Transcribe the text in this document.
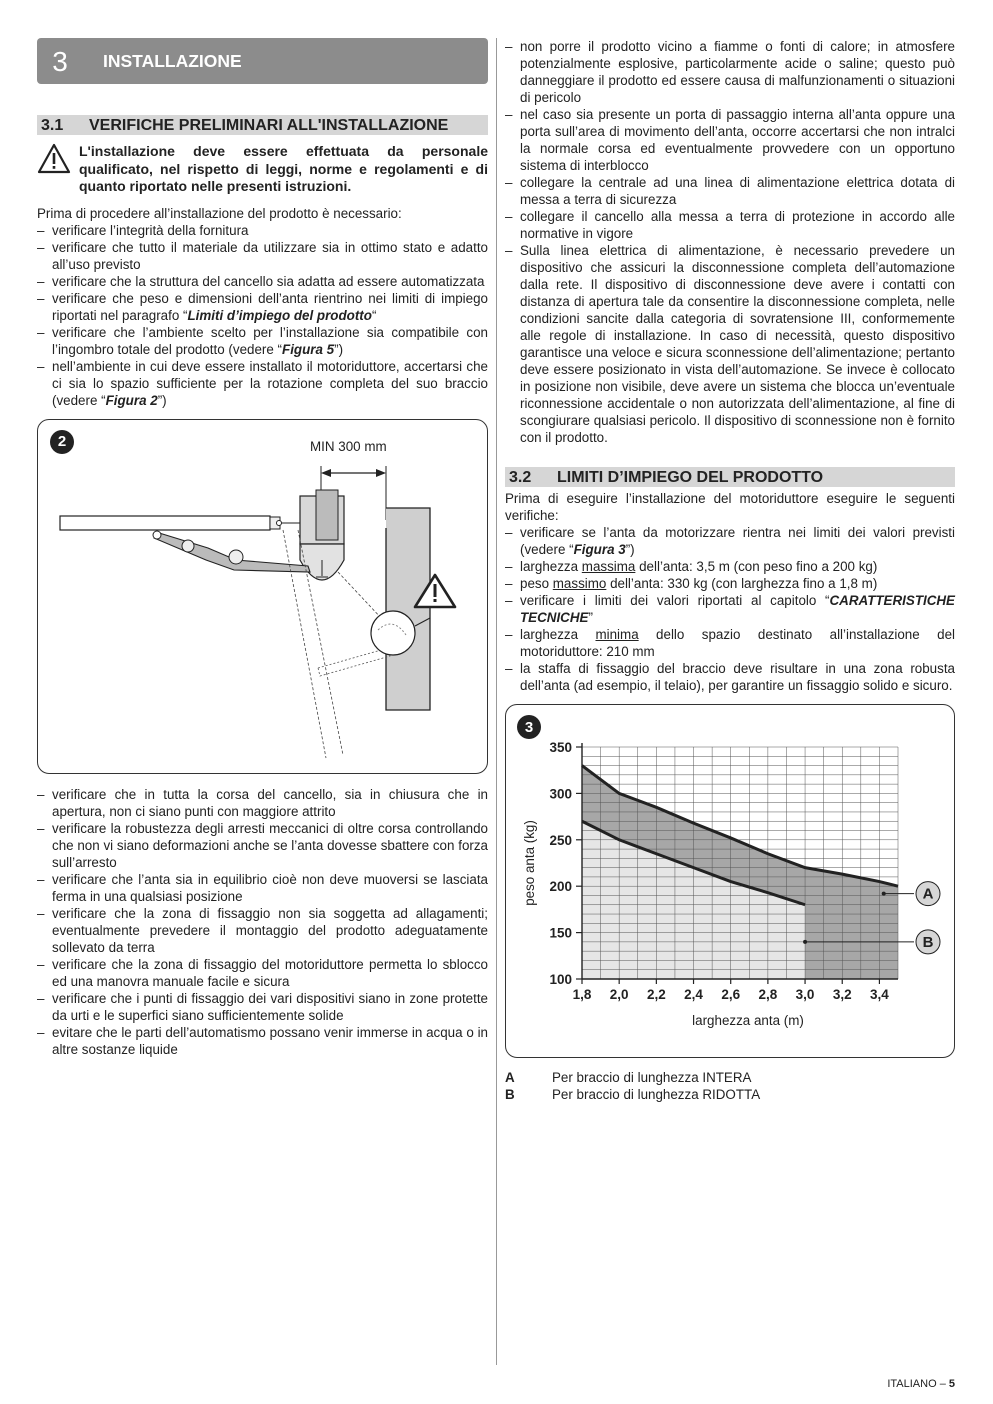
3	INSTALLAZIONE
3.1	VERIFICHE PRELIMINARI ALL'INSTALLAZIONE
L'installazione deve essere effettuata da personale qualificato, nel rispetto di leggi, norme e regolamenti e di quanto riportato nelle presenti istruzioni.

Prima di procedere all’installazione del prodotto è necessario:

– verificare l’integrità della fornitura
– verificare che tutto il materiale da utilizzare sia in ottimo stato e adatto all’uso previsto
– verificare che la struttura del cancello sia adatta ad essere automatizzata
– verificare che peso e dimensioni dell’anta rientrino nei limiti di impiego riportati nel paragrafo “Limiti d’impiego del prodotto“
– verificare che l’ambiente scelto per l’installazione sia compatibile con l’ingombro totale del prodotto (vedere “Figura 5”)
– nell’ambiente in cui deve essere installato il motoriduttore, accertarsi che ci sia lo spazio sufficiente per la rotazione completa del suo braccio (vedere “Figura 2”)
2	MIN 300 mm
– verificare che in tutta la corsa del cancello, sia in chiusura che in apertura, non ci siano punti con maggiore attrito
– verificare la robustezza degli arresti meccanici di oltre corsa controllando che non vi siano deformazioni anche se l’anta dovesse sbattere con forza sull’arresto
– verificare che l’anta sia in equilibrio cioè non deve muoversi se lasciata ferma in una qualsiasi posizione
– verificare che la zona di fissaggio non sia soggetta ad allagamenti; eventualmente prevedere il montaggio del prodotto adeguatamente sollevato da terra
– verificare che la zona di fissaggio del motoriduttore permetta lo sblocco ed una manovra manuale facile e sicura
– verificare che i punti di fissaggio dei vari dispositivi siano in zone protette da urti e le superfici siano sufficientemente solide
– evitare che le parti dell’automatismo possano venir immerse in acqua o in altre sostanze liquide
– non porre il prodotto vicino a fiamme o fonti di calore; in atmosfere potenzialmente esplosive, particolarmente acide o saline; questo può danneggiare il prodotto ed essere causa di malfunzionamenti o situazioni di pericolo
– nel caso sia presente un porta di passaggio interna all’anta oppure una porta sull’area di movimento dell’anta, occorre accertarsi che non intralci la normale corsa ed eventualmente provvedere con un opportuno sistema di interblocco
– collegare la centrale ad una linea di alimentazione elettrica dotata di messa a terra di sicurezza
– collegare il cancello alla messa a terra di protezione in accordo alle normative in vigore
– Sulla linea elettrica di alimentazione, è necessario prevedere un dispositivo che assicuri la disconnessione completa dell’automazione dalla rete. Il dispositivo di disconnessione deve avere i contatti con distanza di apertura tale da consentire la disconnessione completa, nelle condizioni sancite dalla categoria di sovratensione III, conformemente alle regole di installazione. In caso di necessità, questo dispositivo garantisce una veloce e sicura sconnessione dell’alimentazione; pertanto deve essere posizionato in vista dell’automazione. Se invece è collocato in posizione non visibile, deve avere un sistema che blocca un’eventuale riconnessione accidentale o non autorizzata dell’alimentazione, al fine di scongiurare qualsiasi pericolo. Il dispositivo di sconnessione non è fornito con il prodotto.
3.2	LIMITI D’IMPIEGO DEL PRODOTTO

Prima di eseguire l’installazione del motoriduttore eseguire le seguenti verifiche:

– verificare se l’anta da motorizzare rientra nei limiti dei valori previsti (vedere “Figura 3”)
– larghezza massima dell’anta: 3,5 m (con peso fino a 200 kg)
– peso massimo dell’anta: 330 kg (con larghezza fino a 1,8 m)
– verificare i limiti dei valori riportati al capitolo “CARATTERISTICHE TECNICHE”
– larghezza minima dello spazio destinato all’installazione del motoriduttore: 210 mm
– la staffa di fissaggio del braccio deve risultare in una zona robusta dell’anta (ad esempio, il telaio), per garantire un fissaggio solido e sicuro.
3
100
150
200
250
300
350
1,8 2,0 2,2 2,4 2,6 2,8 3,0 3,2 3,4
larghezza anta (m)
peso anta (kg)	A
B
A	Per braccio di lunghezza INTERA
B	Per braccio di lunghezza RIDOTTA
ITALIANO – 5
